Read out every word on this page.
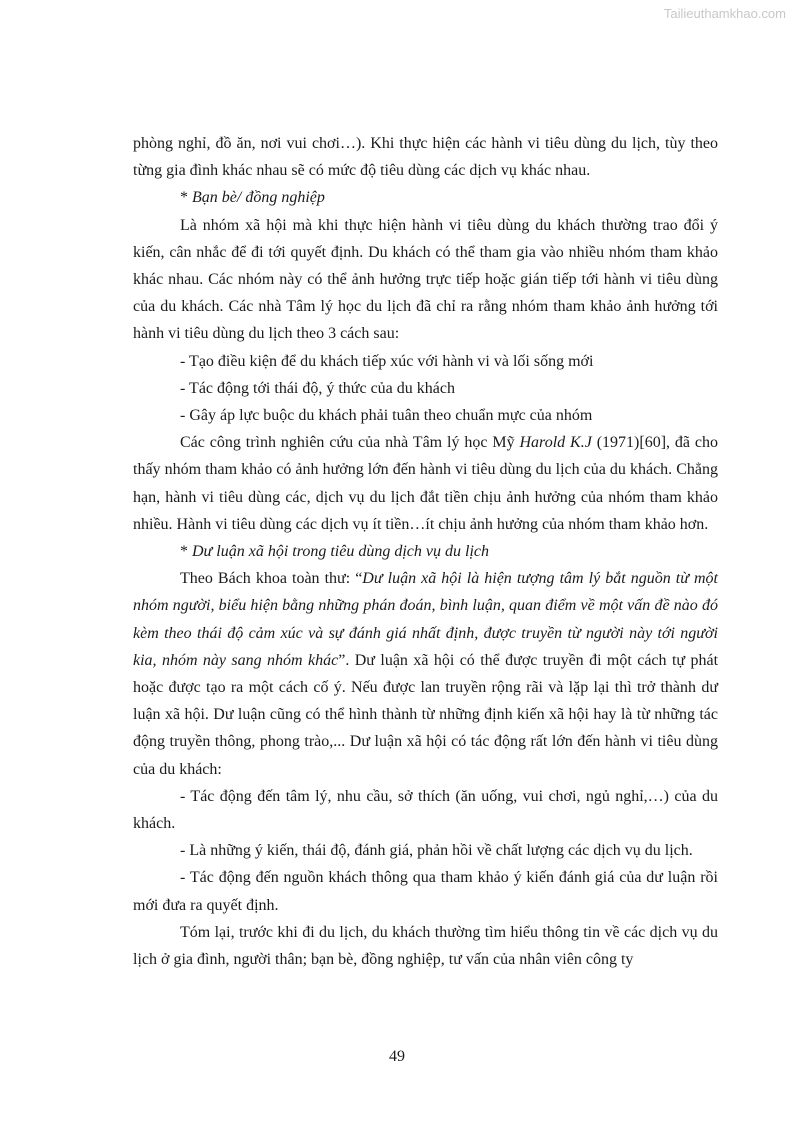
Tailieuthamkhao.com

phòng nghỉ, đồ ăn, nơi vui chơi…). Khi thực hiện các hành vi tiêu dùng du lịch, tùy theo từng gia đình khác nhau sẽ có mức độ tiêu dùng các dịch vụ khác nhau.

* Bạn bè/ đồng nghiệp

Là nhóm xã hội mà khi thực hiện hành vi tiêu dùng du khách thường trao đổi ý kiến, cân nhắc để đi tới quyết định. Du khách có thể tham gia vào nhiều nhóm tham khảo khác nhau. Các nhóm này có thể ảnh hưởng trực tiếp hoặc gián tiếp tới hành vi tiêu dùng của du khách. Các nhà Tâm lý học du lịch đã chỉ ra rằng nhóm tham khảo ảnh hưởng tới hành vi tiêu dùng du lịch theo 3 cách sau:

- Tạo điều kiện để du khách tiếp xúc với hành vi và lối sống mới

- Tác động tới thái độ, ý thức của du khách

- Gây áp lực buộc du khách phải tuân theo chuẩn mực của nhóm

Các công trình nghiên cứu của nhà Tâm lý học Mỹ Harold K.J (1971)[60], đã cho thấy nhóm tham khảo có ảnh hưởng lớn đến hành vi tiêu dùng du lịch của du khách. Chẳng hạn, hành vi tiêu dùng các, dịch vụ du lịch đắt tiền chịu ảnh hưởng của nhóm tham khảo nhiều. Hành vi tiêu dùng các dịch vụ ít tiền…ít chịu ảnh hưởng của nhóm tham khảo hơn.

* Dư luận xã hội trong tiêu dùng dịch vụ du lịch

Theo Bách khoa toàn thư: “Dư luận xã hội là hiện tượng tâm lý bắt nguồn từ một nhóm người, biểu hiện bằng những phán đoán, bình luận, quan điểm về một vấn đề nào đó kèm theo thái độ cảm xúc và sự đánh giá nhất định, được truyền từ người này tới người kia, nhóm này sang nhóm khác”. Dư luận xã hội có thể được truyền đi một cách tự phát hoặc được tạo ra một cách cố ý. Nếu được lan truyền rộng rãi và lặp lại thì trở thành dư luận xã hội. Dư luận cũng có thể hình thành từ những định kiến xã hội hay là từ những tác động truyền thông, phong trào,... Dư luận xã hội có tác động rất lớn đến hành vi tiêu dùng của du khách:

- Tác động đến tâm lý, nhu cầu, sở thích (ăn uống, vui chơi, ngủ nghỉ,…) của du khách.

- Là những ý kiến, thái độ, đánh giá, phản hồi về chất lượng các dịch vụ du lịch.

- Tác động đến nguồn khách thông qua tham khảo ý kiến đánh giá của dư luận rồi mới đưa ra quyết định.

Tóm lại, trước khi đi du lịch, du khách thường tìm hiểu thông tin về các dịch vụ du lịch ở gia đình, người thân; bạn bè, đồng nghiệp, tư vấn của nhân viên công ty

49
